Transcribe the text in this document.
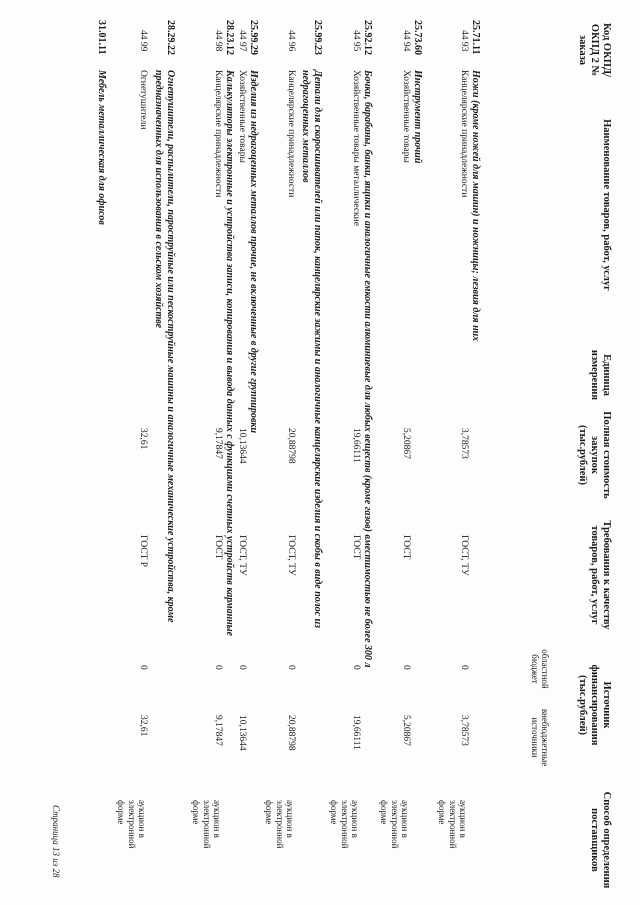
Код ОКПД/ ОКПД 2 № заказа
Наименование товаров, работ, услуг
Единица измерения
Полная стоимость закупок (тыс.рублей)
Требования к качеству товаров, работ, услуг
Источник финансирования (тыс.рублей)
областной бюджет
внебюджетные источники
Способ определения поставщиков
25.71.11
Ножи (кроме ножей для машин) и ножницы; лезвия для них
44 93
Канцелярские принадлежности
3,78573
ГОСТ, ТУ
0
3,78573
аукцион в электронной форме
25.73.60
Инструмент прочий
44 94
Хозяйственные товары
5,20867
ГОСТ
0
5,20867
аукцион в электронной форме
25.92.12
Бочки, барабаны, банки, ящики и аналогичные емкости алюминиевые для любых веществ (кроме газов) вместимостью не более 300 л
44 95
Хозяйственные товары металлические
19,66111
ГОСТ
0
19,66111
аукцион в электронной форме
25.99.23
Детали для скоросшивателей или папок, канцелярские зажимы и аналогичные канцелярские изделия и скобы в виде полос из
недрагоценных металлов
44 96
Канцелярские принадлежности
20,88798
ГОСТ, ТУ
0
20,88798
аукцион в электронной форме
25.99.29
Изделия из недрагоценных металлов прочие, не включенные в другие группировки
44 97
Хозяйственные товары
10,13644
ГОСТ, ТУ
0
10,13644
28.23.12
Калькуляторы электронные и устройства записи, копирования и вывода данных с функциями счетных устройств карманные
44 98
Канцелярские принадлежности
9,17847
ГОСТ
0
9,17847
аукцион в электронной форме
28.29.22
Огнетушители, распылители, пароструйные или пескоструйные машины и аналогичные механические устройства, кроме
предназначенных для использования в сельском хозяйстве
44 99
Огнетушители
32,61
ГОСТ Р
0
32,61
аукцион в электронной форме
31.01.11
Мебель металлическая для офисов
Страница 13 из 28
